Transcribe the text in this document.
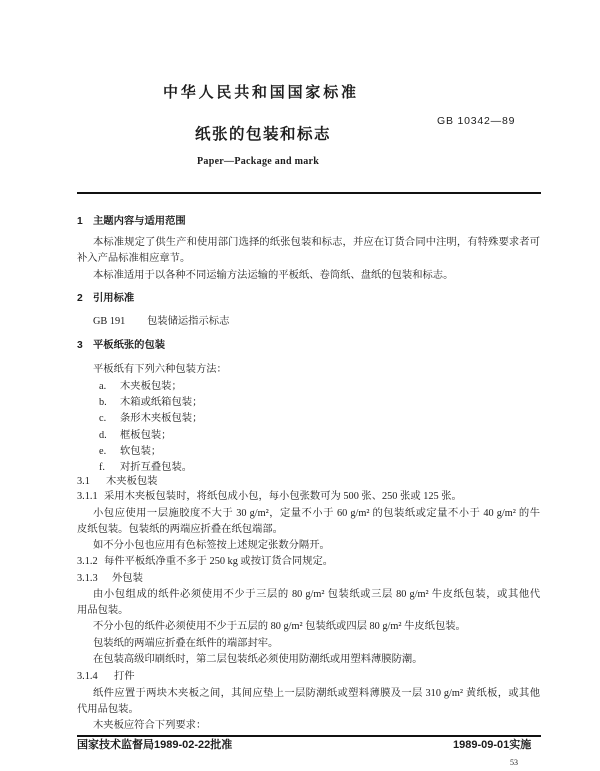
中华人民共和国国家标准
GB 10342—89
纸张的包装和标志
Paper—Package and mark
1 主题内容与适用范围
本标准规定了供生产和使用部门选择的纸张包装和标志，并应在订货合同中注明，有特殊要求者可
补入产品标准相应章节。
本标准适用于以各种不同运输方法运输的平板纸、卷筒纸、盘纸的包装和标志。
2 引用标准
GB 191 包装储运指示标志
3 平板纸张的包装
平板纸有下列六种包装方法：
a. 木夹板包装；
b. 木箱或纸箱包装；
c. 条形木夹板包装；
d. 框板包装；
e. 软包装；
f. 对折互叠包装。
3.1 木夹板包装
3.1.1 采用木夹板包装时，将纸包成小包，每小包张数可为 500 张、250 张或 125 张。
小包应使用一层施胶度不大于 30 g/m²，定量不小于 60 g/m² 的包装纸或定量不小于 40 g/m² 的牛
皮纸包装。包装纸的两端应折叠在纸包端部。
如不分小包也应用有色标签按上述规定张数分隔开。
3.1.2 每件平板纸净重不多于 250 kg 或按订货合同规定。
3.1.3 外包装
由小包组成的纸件必须使用不少于三层的 80 g/m² 包装纸或三层 80 g/m² 牛皮纸包装，或其他代
用品包装。
不分小包的纸件必须使用不少于五层的 80 g/m² 包装纸或四层 80 g/m² 牛皮纸包装。
包装纸的两端应折叠在纸件的端部封牢。
在包装高级印刷纸时，第二层包装纸必须使用防潮纸或用塑料薄膜防潮。
3.1.4 打件
纸件应置于两块木夹板之间，其间应垫上一层防潮纸或塑料薄膜及一层 310 g/m² 黄纸板，或其他
代用品包装。
木夹板应符合下列要求：
国家技术监督局1989-02-22批准	1989-09-01实施
53
